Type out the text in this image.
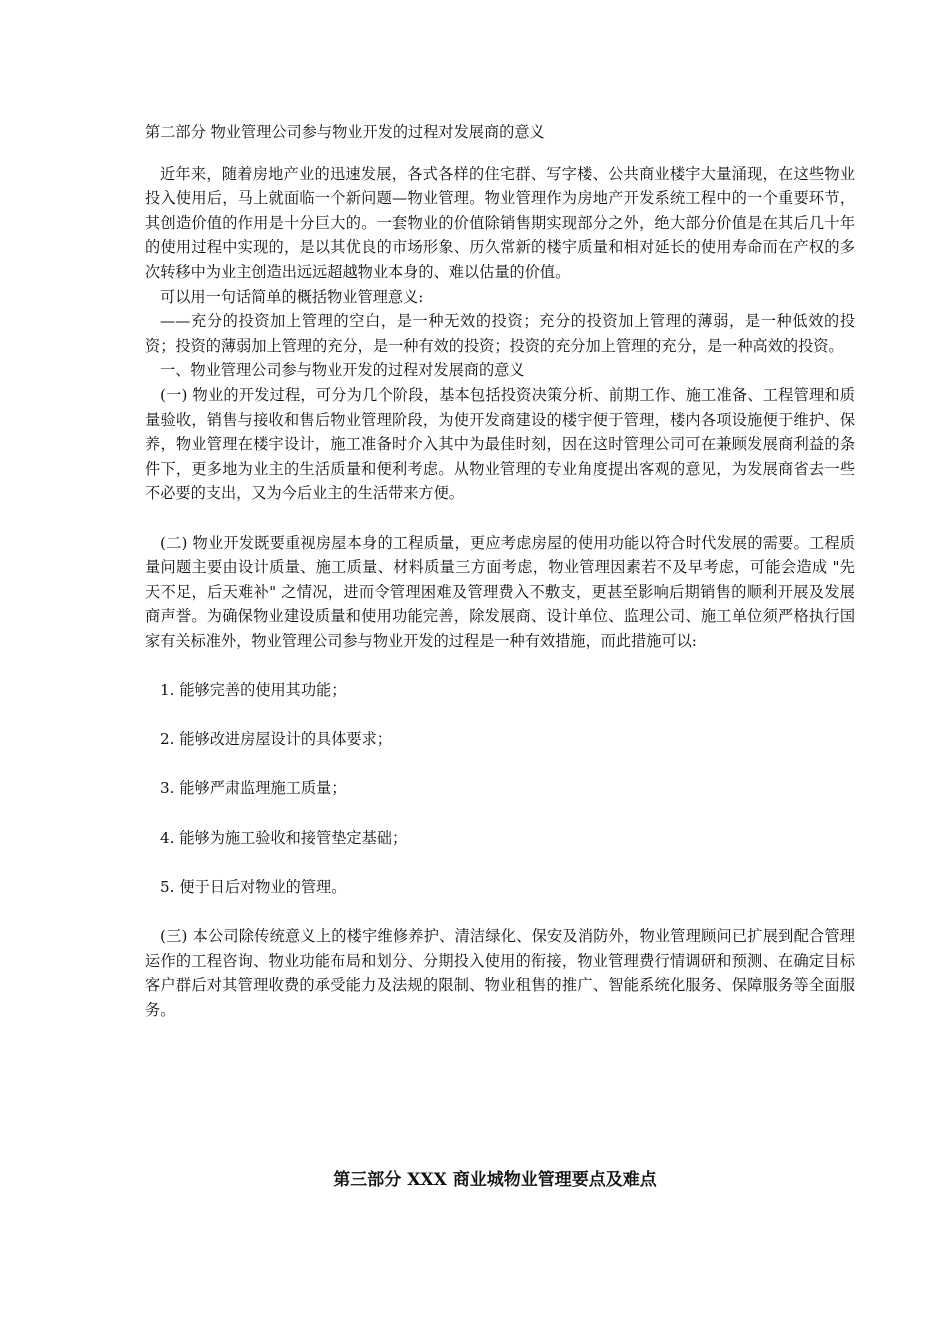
第二部分 物业管理公司参与物业开发的过程对发展商的意义

近年来，随着房地产业的迅速发展，各式各样的住宅群、写字楼、公共商业楼宇大量涌现，在这些物业投入使用后，马上就面临一个新问题—物业管理。物业管理作为房地产开发系统工程中的一个重要环节，其创造价值的作用是十分巨大的。一套物业的价值除销售期实现部分之外，绝大部分价值是在其后几十年的使用过程中实现的，是以其优良的市场形象、历久常新的楼宇质量和相对延长的使用寿命而在产权的多次转移中为业主创造出远远超越物业本身的、难以估量的价值。

可以用一句话简单的概括物业管理意义:

——充分的投资加上管理的空白，是一种无效的投资；充分的投资加上管理的薄弱，是一种低效的投资；投资的薄弱加上管理的充分，是一种有效的投资；投资的充分加上管理的充分，是一种高效的投资。

一、物业管理公司参与物业开发的过程对发展商的意义

(一) 物业的开发过程，可分为几个阶段，基本包括投资决策分析、前期工作、施工准备、工程管理和质量验收，销售与接收和售后物业管理阶段，为使开发商建设的楼宇便于管理，楼内各项设施便于维护、保养，物业管理在楼宇设计，施工准备时介入其中为最佳时刻，因在这时管理公司可在兼顾发展商利益的条件下，更多地为业主的生活质量和便利考虑。从物业管理的专业角度提出客观的意见，为发展商省去一些不必要的支出，又为今后业主的生活带来方便。

(二) 物业开发既要重视房屋本身的工程质量，更应考虑房屋的使用功能以符合时代发展的需要。工程质量问题主要由设计质量、施工质量、材料质量三方面考虑，物业管理因素若不及早考虑，可能会造成 "先天不足，后天难补" 之情况，进而令管理困难及管理费入不敷支，更甚至影响后期销售的顺利开展及发展商声誉。为确保物业建设质量和使用功能完善，除发展商、设计单位、监理公司、施工单位须严格执行国家有关标准外，物业管理公司参与物业开发的过程是一种有效措施，而此措施可以:

1. 能够完善的使用其功能；

2. 能够改进房屋设计的具体要求；

3. 能够严肃监理施工质量；

4. 能够为施工验收和接管垫定基础；

5. 便于日后对物业的管理。

(三) 本公司除传统意义上的楼宇维修养护、清洁绿化、保安及消防外，物业管理顾问已扩展到配合管理运作的工程咨询、物业功能布局和划分、分期投入使用的衔接，物业管理费行情调研和预测、在确定目标客户群后对其管理收费的承受能力及法规的限制、物业租售的推广、智能系统化服务、保障服务等全面服务。

第三部分 XXX 商业城物业管理要点及难点
